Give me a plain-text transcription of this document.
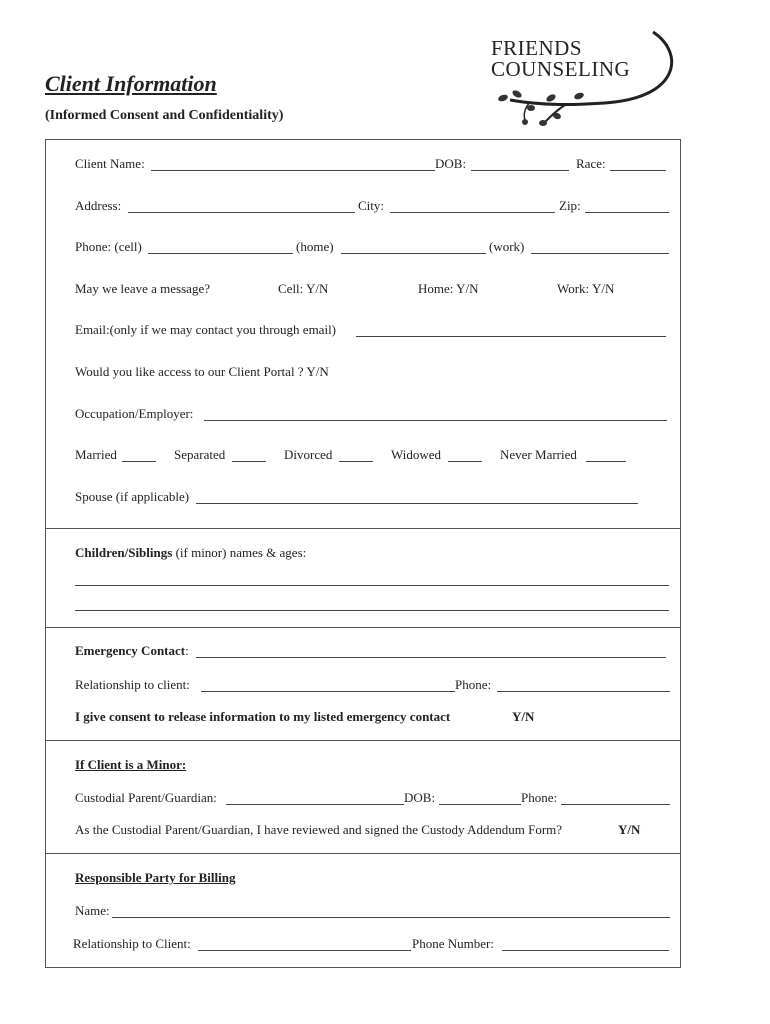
Client Information
(Informed Consent and Confidentiality)
FRIENDS
COUNSELING
Client Name:	DOB:	Race:
Address:	City:	Zip:
Phone: (cell)	(home)	(work)
May we leave a message?	Cell: Y/N	Home: Y/N	Work: Y/N
Email:(only if we may contact you through email)
Would you like access to our Client Portal ? Y/N
Occupation/Employer:
Married	Separated	Divorced	Widowed	Never Married
Spouse (if applicable)
Children/Siblings (if minor) names & ages:
Emergency Contact:
Relationship to client:	Phone:
I give consent to release information to my listed emergency contact	Y/N
If Client is a Minor:
Custodial Parent/Guardian:	DOB:	Phone:
As the Custodial Parent/Guardian, I have reviewed and signed the Custody Addendum Form?	Y/N
Responsible Party for Billing
Name:
Relationship to Client:	Phone Number:
